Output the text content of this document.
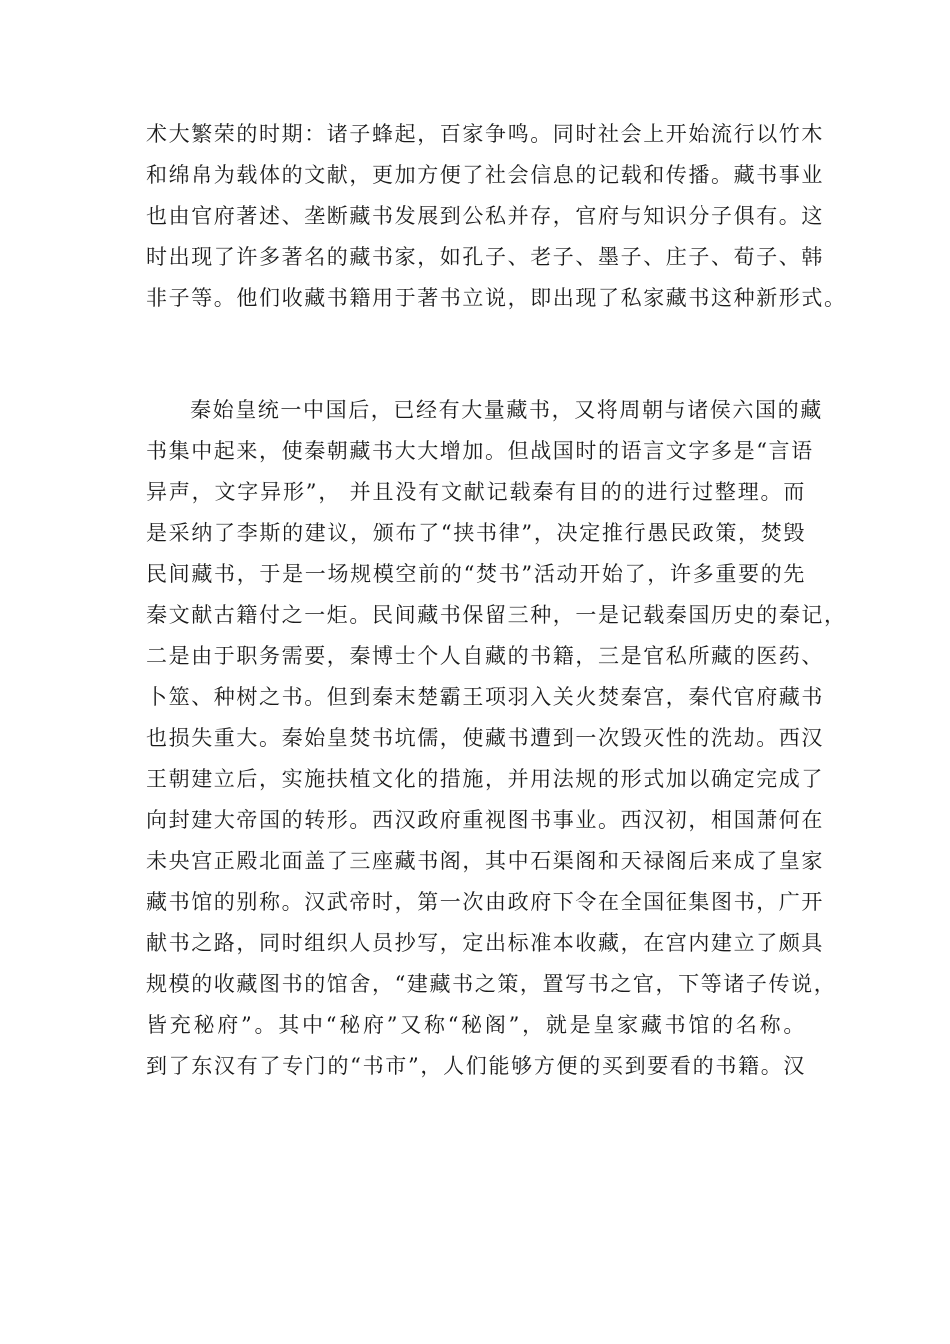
术大繁荣的时期：诸子蜂起，百家争鸣。同时社会上开始流行以竹木
和绵帛为载体的文献，更加方便了社会信息的记载和传播。藏书事业
也由官府著述、垄断藏书发展到公私并存，官府与知识分子俱有。这
时出现了许多著名的藏书家，如孔子、老子、墨子、庄子、荀子、韩
非子等。他们收藏书籍用于著书立说，即出现了私家藏书这种新形式。
秦始皇统一中国后，已经有大量藏书，又将周朝与诸侯六国的藏
书集中起来，使秦朝藏书大大增加。但战国时的语言文字多是“言语
异声，文字异形”， 并且没有文献记载秦有目的的进行过整理。而
是采纳了李斯的建议，颁布了“挟书律”，决定推行愚民政策，焚毁
民间藏书，于是一场规模空前的“焚书”活动开始了，许多重要的先
秦文献古籍付之一炬。民间藏书保留三种，一是记载秦国历史的秦记，
二是由于职务需要，秦博士个人自藏的书籍，三是官私所藏的医药、
卜筮、种树之书。但到秦末楚霸王项羽入关火焚秦宫，秦代官府藏书
也损失重大。秦始皇焚书坑儒，使藏书遭到一次毁灭性的洗劫。西汉
王朝建立后，实施扶植文化的措施，并用法规的形式加以确定完成了
向封建大帝国的转形。西汉政府重视图书事业。西汉初，相国萧何在
未央宫正殿北面盖了三座藏书阁，其中石渠阁和天禄阁后来成了皇家
藏书馆的别称。汉武帝时，第一次由政府下令在全国征集图书，广开
献书之路，同时组织人员抄写，定出标准本收藏，在宫内建立了颇具
规模的收藏图书的馆舍，“建藏书之策，置写书之官，下等诸子传说，
皆充秘府”。其中“秘府”又称“秘阁”，就是皇家藏书馆的名称。
到了东汉有了专门的“书市”，人们能够方便的买到要看的书籍。汉
